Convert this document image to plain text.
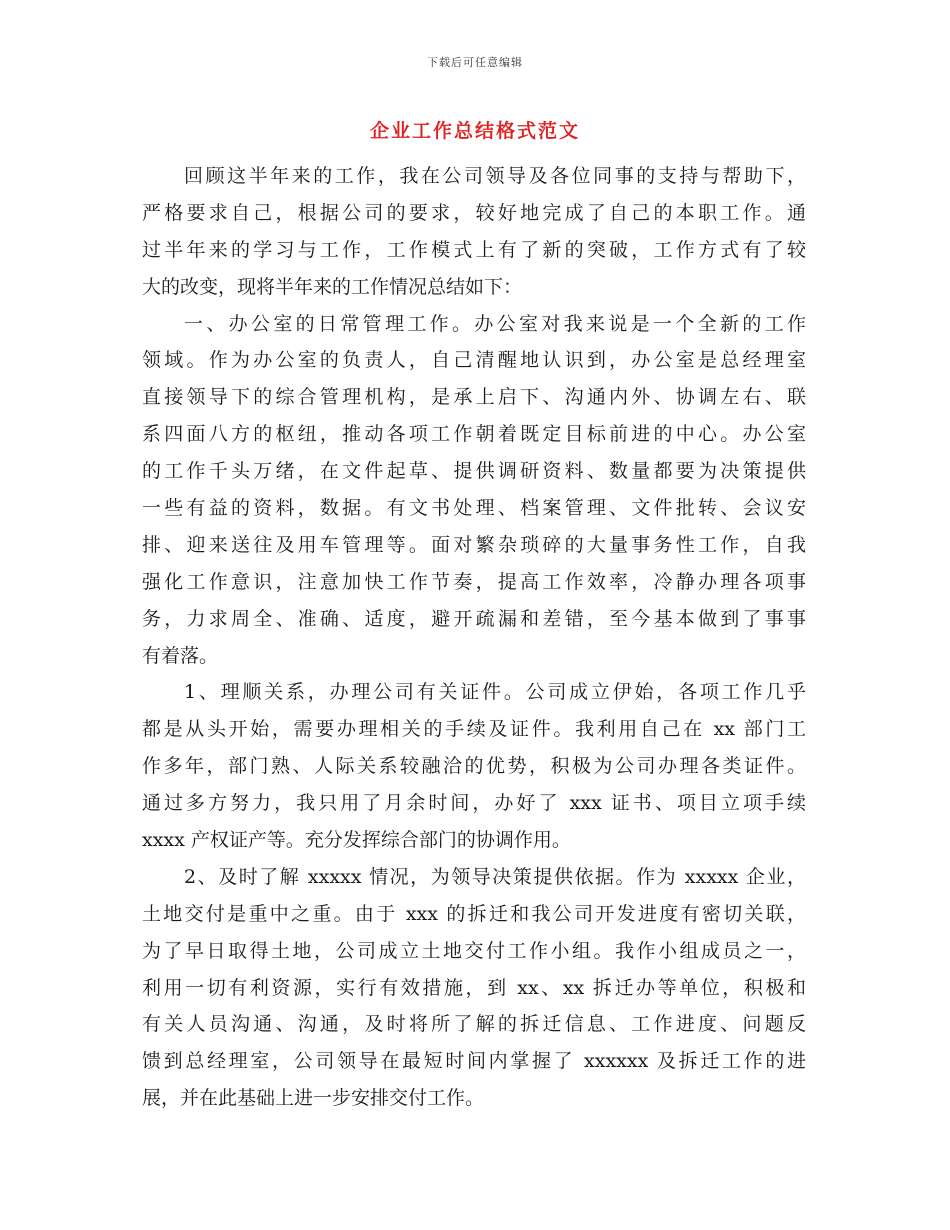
下载后可任意编辑
企业工作总结格式范文
回顾这半年来的工作，我在公司领导及各位同事的支持与帮助下，
严格要求自己，根据公司的要求，较好地完成了自己的本职工作。通
过半年来的学习与工作，工作模式上有了新的突破，工作方式有了较
大的改变，现将半年来的工作情况总结如下：
一、办公室的日常管理工作。办公室对我来说是一个全新的工作
领域。作为办公室的负责人，自己清醒地认识到，办公室是总经理室
直接领导下的综合管理机构，是承上启下、沟通内外、协调左右、联
系四面八方的枢纽，推动各项工作朝着既定目标前进的中心。办公室
的工作千头万绪，在文件起草、提供调研资料、数量都要为决策提供
一些有益的资料，数据。有文书处理、档案管理、文件批转、会议安
排、迎来送往及用车管理等。面对繁杂琐碎的大量事务性工作，自我
强化工作意识，注意加快工作节奏，提高工作效率，冷静办理各项事
务，力求周全、准确、适度，避开疏漏和差错，至今基本做到了事事
有着落。
1、理顺关系，办理公司有关证件。公司成立伊始，各项工作几乎
都是从头开始，需要办理相关的手续及证件。我利用自己在 xx 部门工
作多年，部门熟、人际关系较融洽的优势，积极为公司办理各类证件。
通过多方努力，我只用了月余时间，办好了 xxx 证书、项目立项手续
xxxx 产权证产等。充分发挥综合部门的协调作用。
2、及时了解 xxxxx 情况，为领导决策提供依据。作为 xxxxx 企业，
土地交付是重中之重。由于 xxx 的拆迁和我公司开发进度有密切关联，
为了早日取得土地，公司成立土地交付工作小组。我作小组成员之一，
利用一切有利资源，实行有效措施，到 xx、xx 拆迁办等单位，积极和
有关人员沟通、沟通，及时将所了解的拆迁信息、工作进度、问题反
馈到总经理室，公司领导在最短时间内掌握了 xxxxxx 及拆迁工作的进
展，并在此基础上进一步安排交付工作。
